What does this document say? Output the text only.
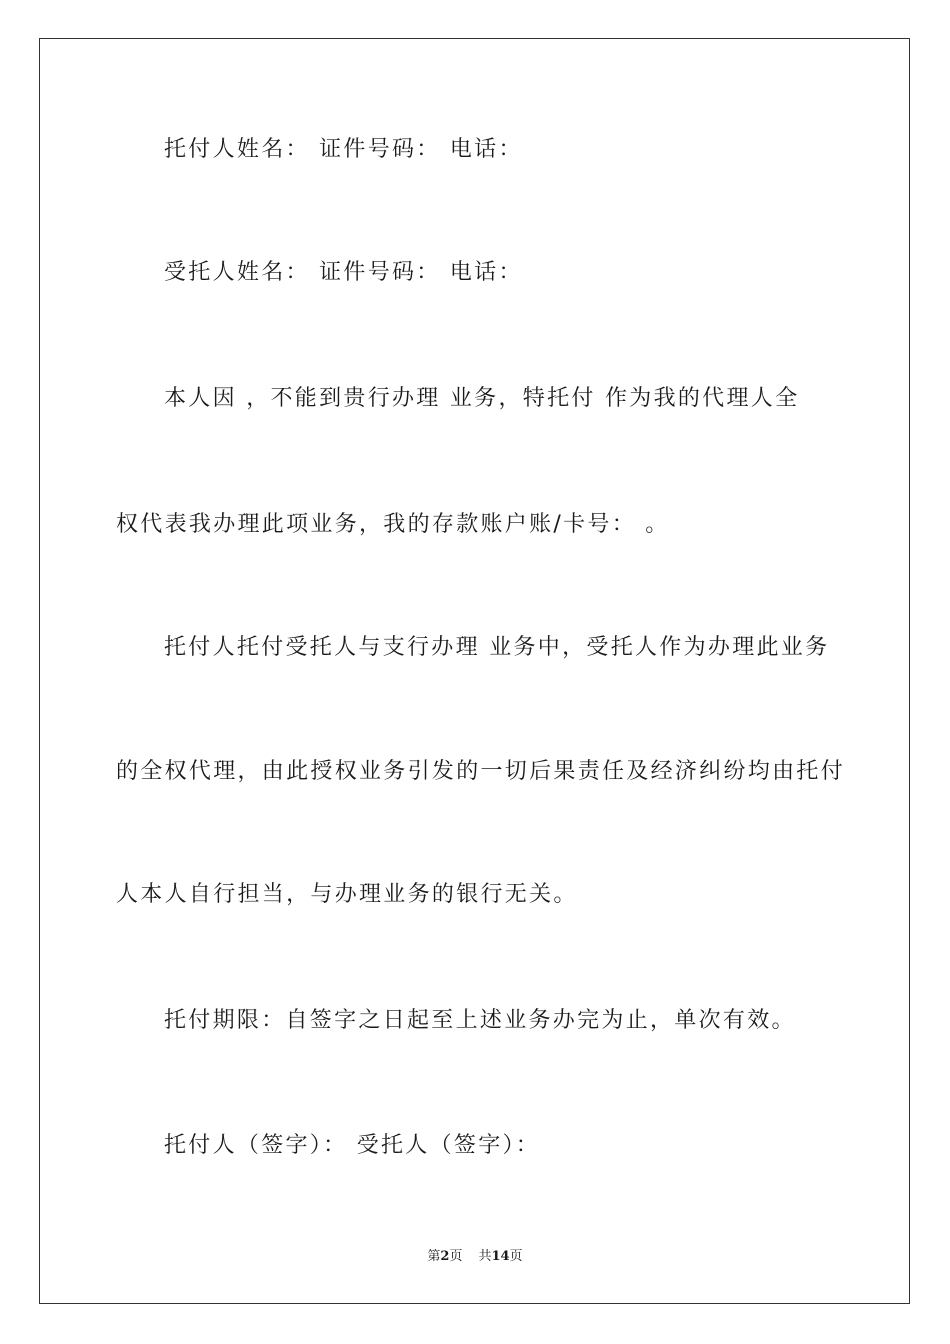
托付人姓名： 证件号码： 电话：
受托人姓名： 证件号码： 电话：
本人因 ，不能到贵行办理 业务，特托付 作为我的代理人全
权代表我办理此项业务，我的存款账户账/卡号： 。
托付人托付受托人与支行办理 业务中，受托人作为办理此业务
的全权代理，由此授权业务引发的一切后果责任及经济纠纷均由托付
人本人自行担当，与办理业务的银行无关。
托付期限：自签字之日起至上述业务办完为止，单次有效。
托付人（签字）： 受托人（签字）：
第2页 共14页
